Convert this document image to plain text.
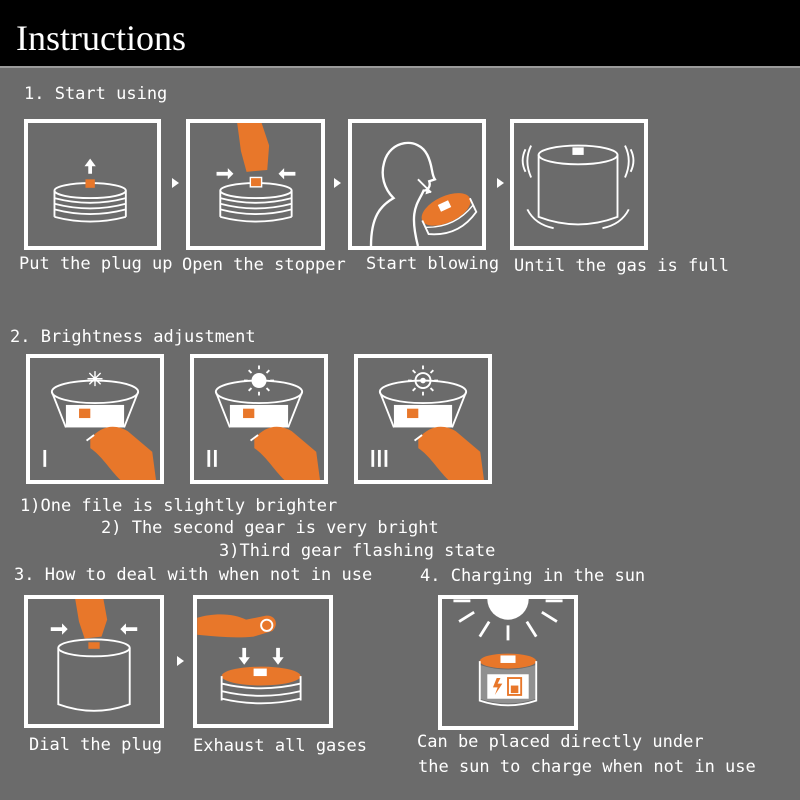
Instructions
1. Start using
Put the plug up Open the stopper Start blowing Until the gas is full
2. Brightness adjustment
1)One file is slightly brighter
2) The second gear is very bright
3)Third gear flashing state
3. How to deal with when not in use
Dial the plug Exhaust all gases
4. Charging in the sun
Can be placed directly under
the sun to charge when not in use
